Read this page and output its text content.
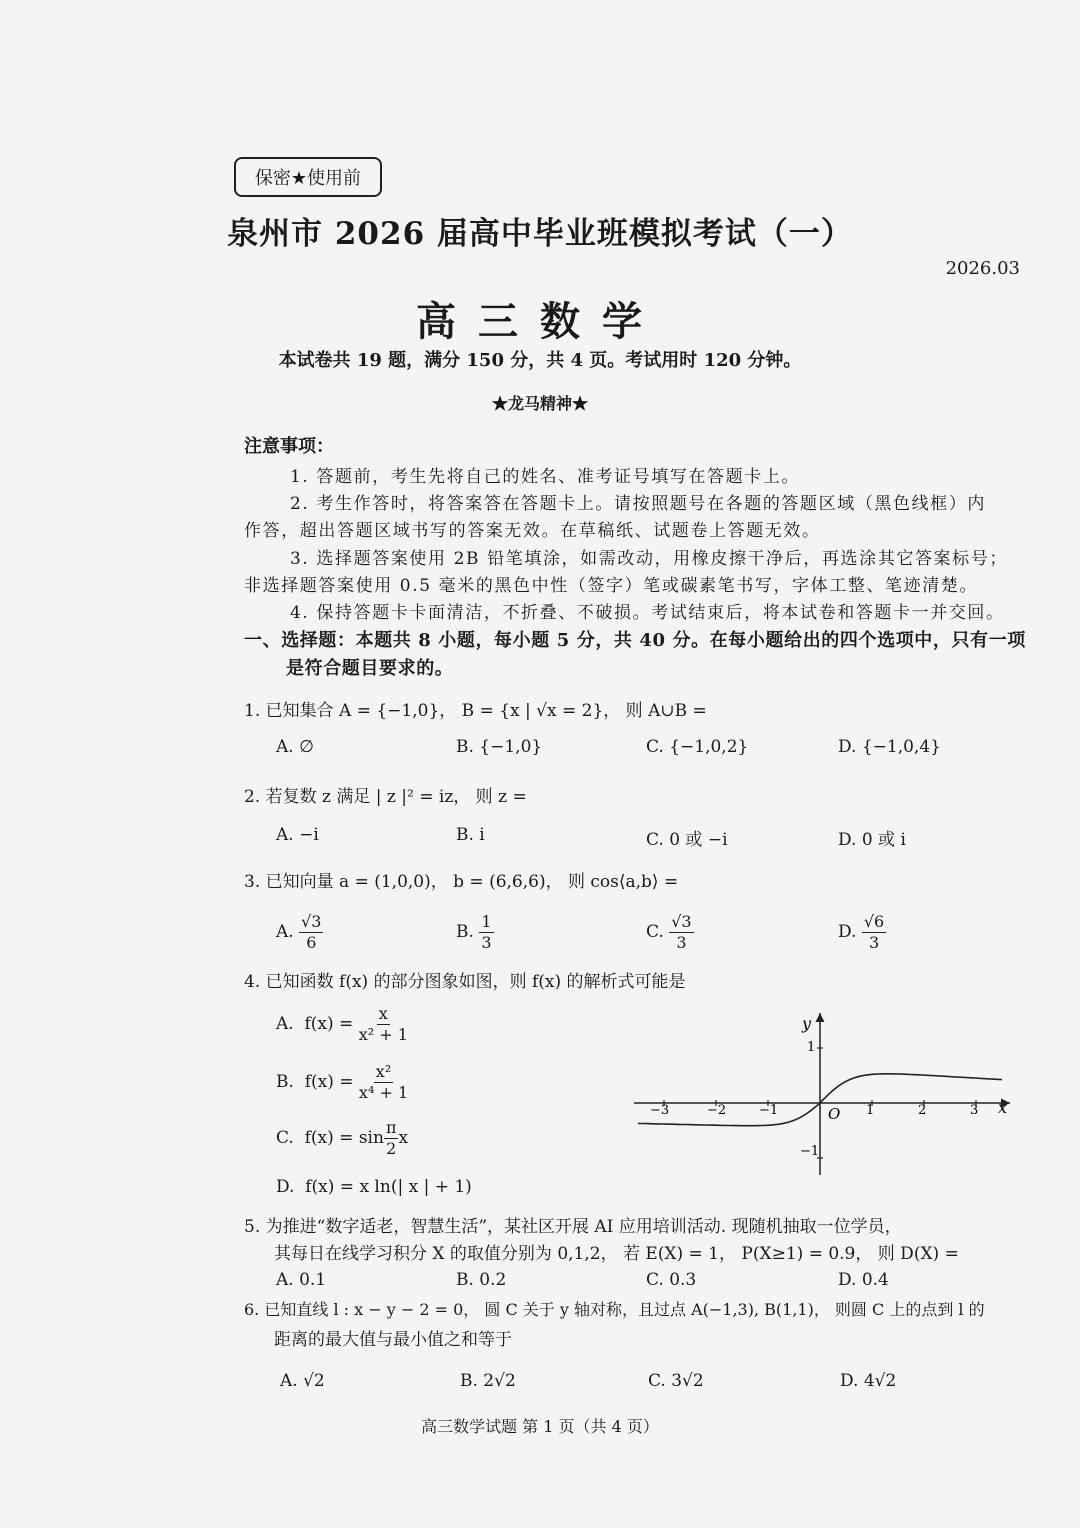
保密★使用前
泉州市 2026 届高中毕业班模拟考试（一）
2026.03
高三数学
本试卷共 19 题，满分 150 分，共 4 页。考试用时 120 分钟。
★龙马精神★
注意事项：
1. 答题前，考生先将自己的姓名、准考证号填写在答题卡上。
2. 考生作答时，将答案答在答题卡上。请按照题号在各题的答题区域（黑色线框）内
作答，超出答题区域书写的答案无效。在草稿纸、试题卷上答题无效。
3. 选择题答案使用 2B 铅笔填涂，如需改动，用橡皮擦干净后，再选涂其它答案标号；
非选择题答案使用 0.5 毫米的黑色中性（签字）笔或碳素笔书写，字体工整、笔迹清楚。
4. 保持答题卡卡面清洁，不折叠、不破损。考试结束后，将本试卷和答题卡一并交回。
一、选择题：本题共 8 小题，每小题 5 分，共 40 分。在每小题给出的四个选项中，只有一项
是符合题目要求的。
1. 已知集合 A = {−1,0}， B = {x | √x = 2}， 则 A∪B =
A. ∅	B. {−1,0}	C. {−1,0,2}	D. {−1,0,4}
2. 若复数 z 满足 | z |² = iz， 则 z =
A. −i	B. i	C. 0 或 −i	D. 0 或 i
3. 已知向量 a = (1,0,0)， b = (6,6,6)， 则 cos⟨a,b⟩ =
A. $\frac{√3}{6}$	B. $\frac{1}{3}$	C. $\frac{√3}{3}$	D. $\frac{√6}{3}$
4. 已知函数 f(x) 的部分图象如图，则 f(x) 的解析式可能是
A. $f(x) = \frac{x}{\text{x² + 1}}$
B. $f(x) = \frac{\text{x²}}{\text{x⁴ + 1}}$
C. $f(x) = \sin \frac{\pi}{2}$ x
D. f(x) = x ln(| x | + 1)
y
x
O
−3	−2	−1	1	2	3
1
−1
5. 为推进“数字适老，智慧生活”，某社区开展 AI 应用培训活动. 现随机抽取一位学员，
其每日在线学习积分 X 的取值分别为 0,1,2， 若 E(X) = 1， P(X≥1) = 0.9， 则 D(X) =
A. 0.1	B. 0.2	C. 0.3	D. 0.4
6. 已知直线 l : x − y − 2 = 0， 圆 C 关于 y 轴对称，且过点 A(−1,3), B(1,1)， 则圆 C 上的点到 l 的
距离的最大值与最小值之和等于
A. √2	B. 2√2	C. 3√2	D. 4√2
高三数学试题 第 1 页（共 4 页）
